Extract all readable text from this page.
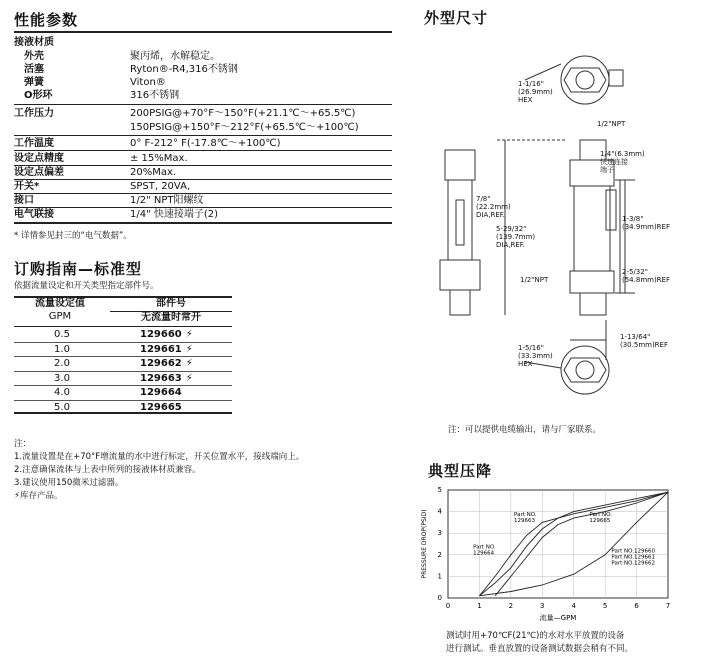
性能参数
接液材质
外壳	聚丙烯，水解稳定。
活塞	Ryton®-R4,316不锈钢
弹簧	Viton®
O形环	316不锈钢
工作压力	200PSIG@+70°F～150°F(+21.1℃～+65.5℃)
150PSIG@+150°F～212°F(+65.5℃～+100℃)
工作温度	0° F-212° F(-17.8℃～+100℃)
设定点精度	± 15%Max.
设定点偏差	20%Max.
开关*	SPST, 20VA,
接口	1/2" NPT阳螺纹
电气联接	1/4" 快速接端子(2)
* 详情参见封三的“电气数据”。
订购指南—标准型
依据流量设定和开关类型指定部件号。
流量设定值
GPM
部件号
无流量时常开
0.5	129660 ⚡

1.0	129661 ⚡

2.0	129662 ⚡

3.0	129663 ⚡

4.0	129664

5.0	129665
注：
1.流量设置是在+70°F增流量的水中进行标定，开关位置水平，接线端向上。
2.注意确保流体与上表中所列的接液体材质兼容。
3.建议使用150微米过滤器。
⚡库存产品。
外型尺寸
1-1/16"
(26.9mm)
HEX
1/2"NPT
7/8"
(22.2mm)
DIA,REF.
5-29/32"
(139.7mm)
DIA,REF.
1/2"NPT
1/4"(6.3mm)
快速连接
端子
1-3/8"
(34.9mm)REF
2-5/32"
(54.8mm)REF
1-13/64"
(30.5mm)REF
1-5/16"
(33.3mm)
HEX
注：可以提供电缆输出，请与厂家联系。
典型压降
0	1	2	3	4	5	6	7
0
1
2
3
4
5
流量—GPM
PRESSURE DROP(PSID)	Part NO. 129663
Part NO. 129665
Part NO. 129664	Part NO.129660 Part NO.129661 Part NO.129662
测试时用+70℃F(21℃)的水对水平放置的设备
进行测试。垂直放置的设备测试数据会稍有不同。
